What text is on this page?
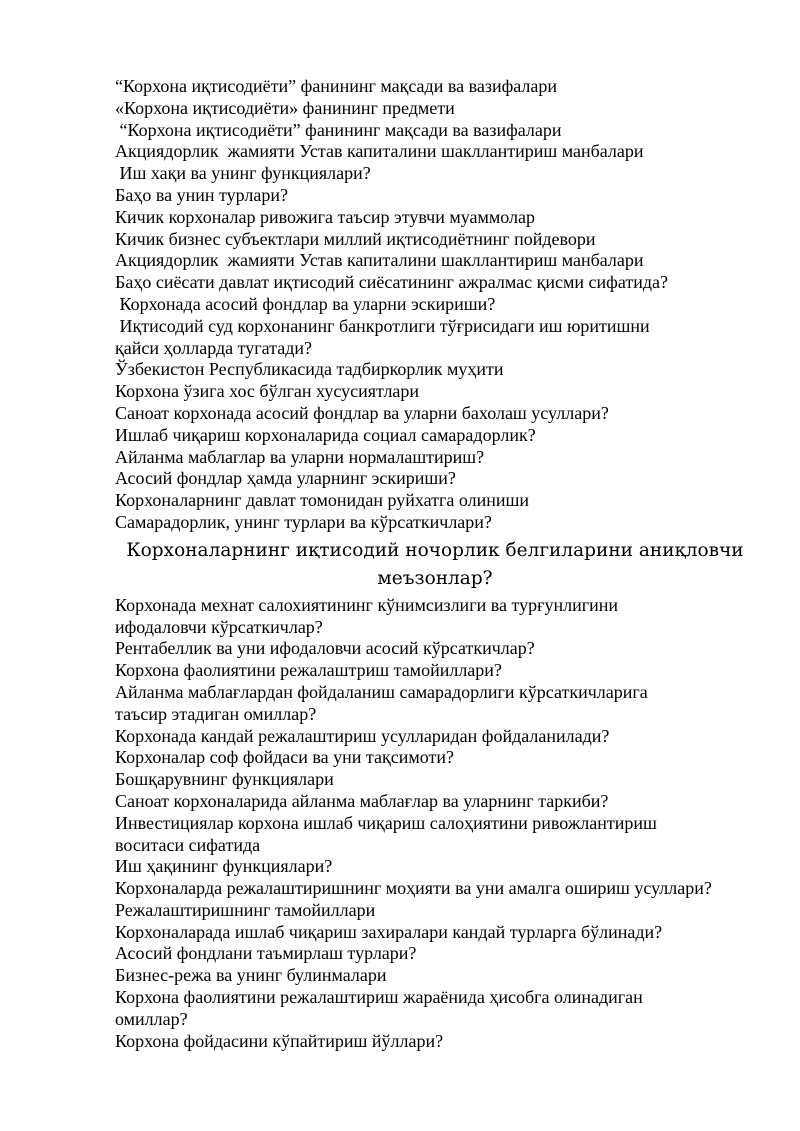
“Корхона иқтисодиёти” фанининг мақсади ва вазифалари

«Корхона иқтисодиёти» фанининг предмети

“Корхона иқтисодиёти” фанининг мақсади ва вазифалари

Акциядорлик  жамияти Устав капиталини шакллантириш манбалари

Иш хақи ва унинг функциялари?

Баҳо ва унин турлари?

Кичик корхоналар ривожига таъсир этувчи муаммолар

Кичик бизнес субъектлари миллий иқтисодиётнинг пойдевори

Акциядорлик  жамияти Устав капиталини шакллантириш манбалари

Баҳо сиёсати давлат иқтисодий сиёсатининг ажралмас қисми сифатида?

Корхонада асосий фондлар ва уларни эскириши?

Иқтисодий суд корхонанинг банкротлиги тўғрисидаги иш юритишни

қайси ҳолларда тугатади?

Ўзбекистон Республикасида тадбиркорлик муҳити

Корхона ўзига хос бўлган хусусиятлари

Саноат корхонада асосий фондлар ва уларни бахолаш усуллари?

Ишлаб чиқариш корхоналарида социал самарадорлик?

Айланма маблаглар ва уларни нормалаштириш?

Асосий фондлар ҳамда уларнинг эскириши?

Корхоналарнинг давлат томонидан руйхатга олиниши

Самарадорлик, унинг турлари ва кўрсаткичлари?

Корхоналарнинг иқтисодий ночорлик белгиларини аниқловчи

меъзонлар?

Корхонада мехнат салохиятининг кўнимсизлиги ва турғунлигини

ифодаловчи кўрсаткичлар?

Рентабеллик ва уни ифодаловчи асосий кўрсаткичлар?

Корхона фаолиятини режалаштриш тамойиллари?

Айланма маблағлардан фойдаланиш самарадорлиги кўрсаткичларига

таъсир этадиган омиллар?

Корхонада кандай режалаштириш усулларидан фойдаланилади?

Корхоналар соф фойдаси ва уни тақсимоти?

Бошқарувнинг функциялари

Саноат корхоналарида айланма маблағлар ва уларнинг таркиби?

Инвестициялар корхона ишлаб чиқариш салоҳиятини ривожлантириш

воситаси сифатида

Иш ҳақининг функциялари?

Корхоналарда режалаштиришнинг моҳияти ва уни амалга ошириш усуллари?

Режалаштиришнинг тамойиллари

Корхоналарада ишлаб чиқариш захиралари кандай турларга бўлинади?

Асосий фондлани таъмирлаш турлари?

Бизнес-режа ва унинг булинмалари

Корхона фаолиятини режалаштириш жараёнида ҳисобга олинадиган

омиллар?

Корхона фойдасини кўпайтириш йўллари?
